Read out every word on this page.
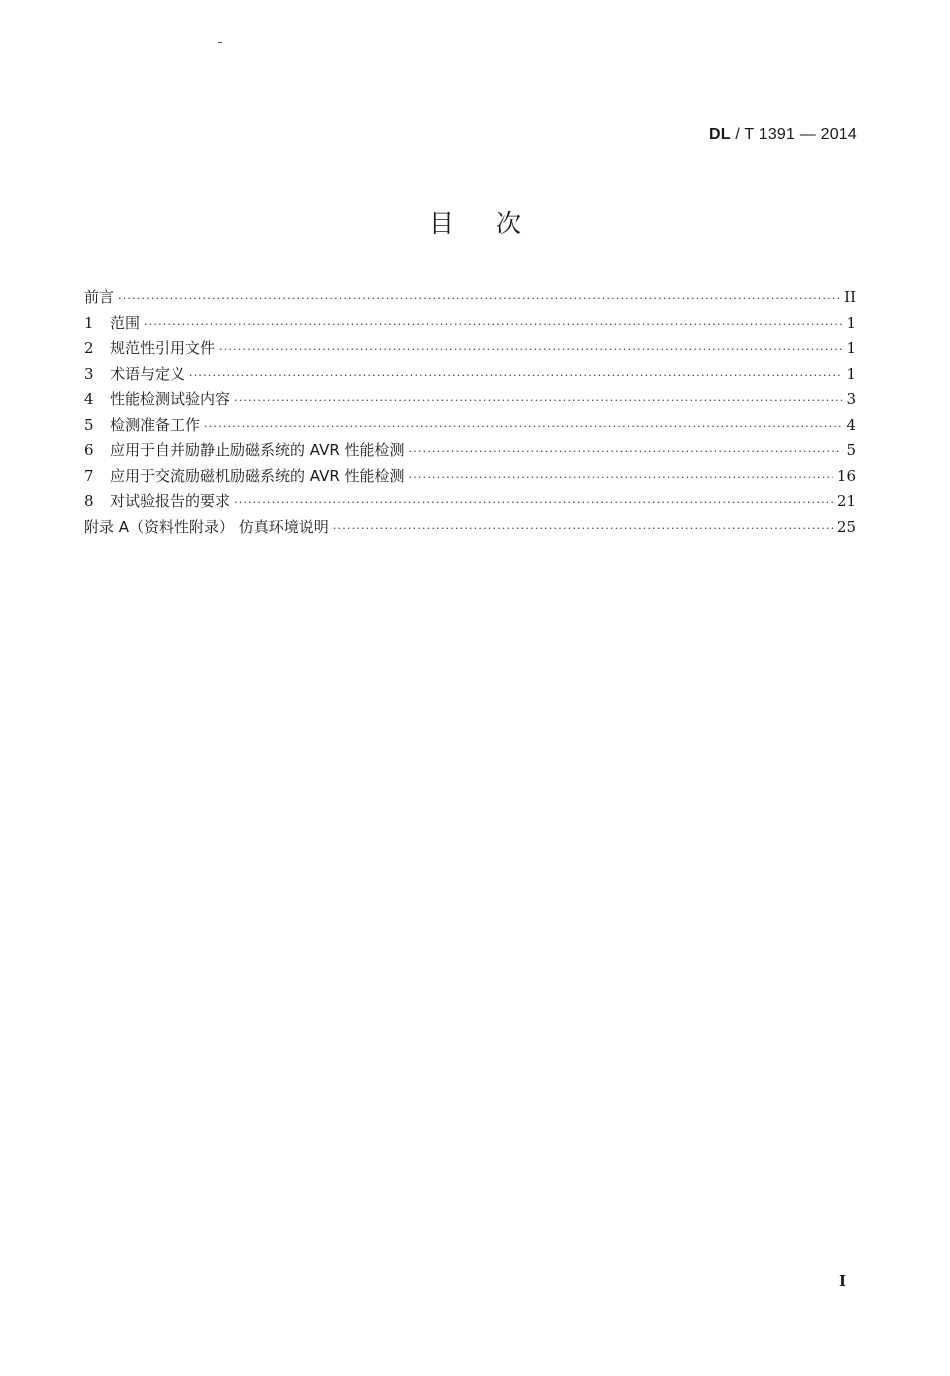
DL / T 1391 — 2014
目次
前言 ·····	II
1	范围 ·····	1
2	规范性引用文件 ·····	1
3	术语与定义 ·····	1
4	性能检测试验内容 ·····	3
5	检测准备工作 ·····	4
6	应用于自并励静止励磁系统的 AVR 性能检测 ·····	5
7	应用于交流励磁机励磁系统的 AVR 性能检测 ·····	16
8	对试验报告的要求 ·····	21
附录 A（资料性附录） 仿真环境说明 ·····	25
I
